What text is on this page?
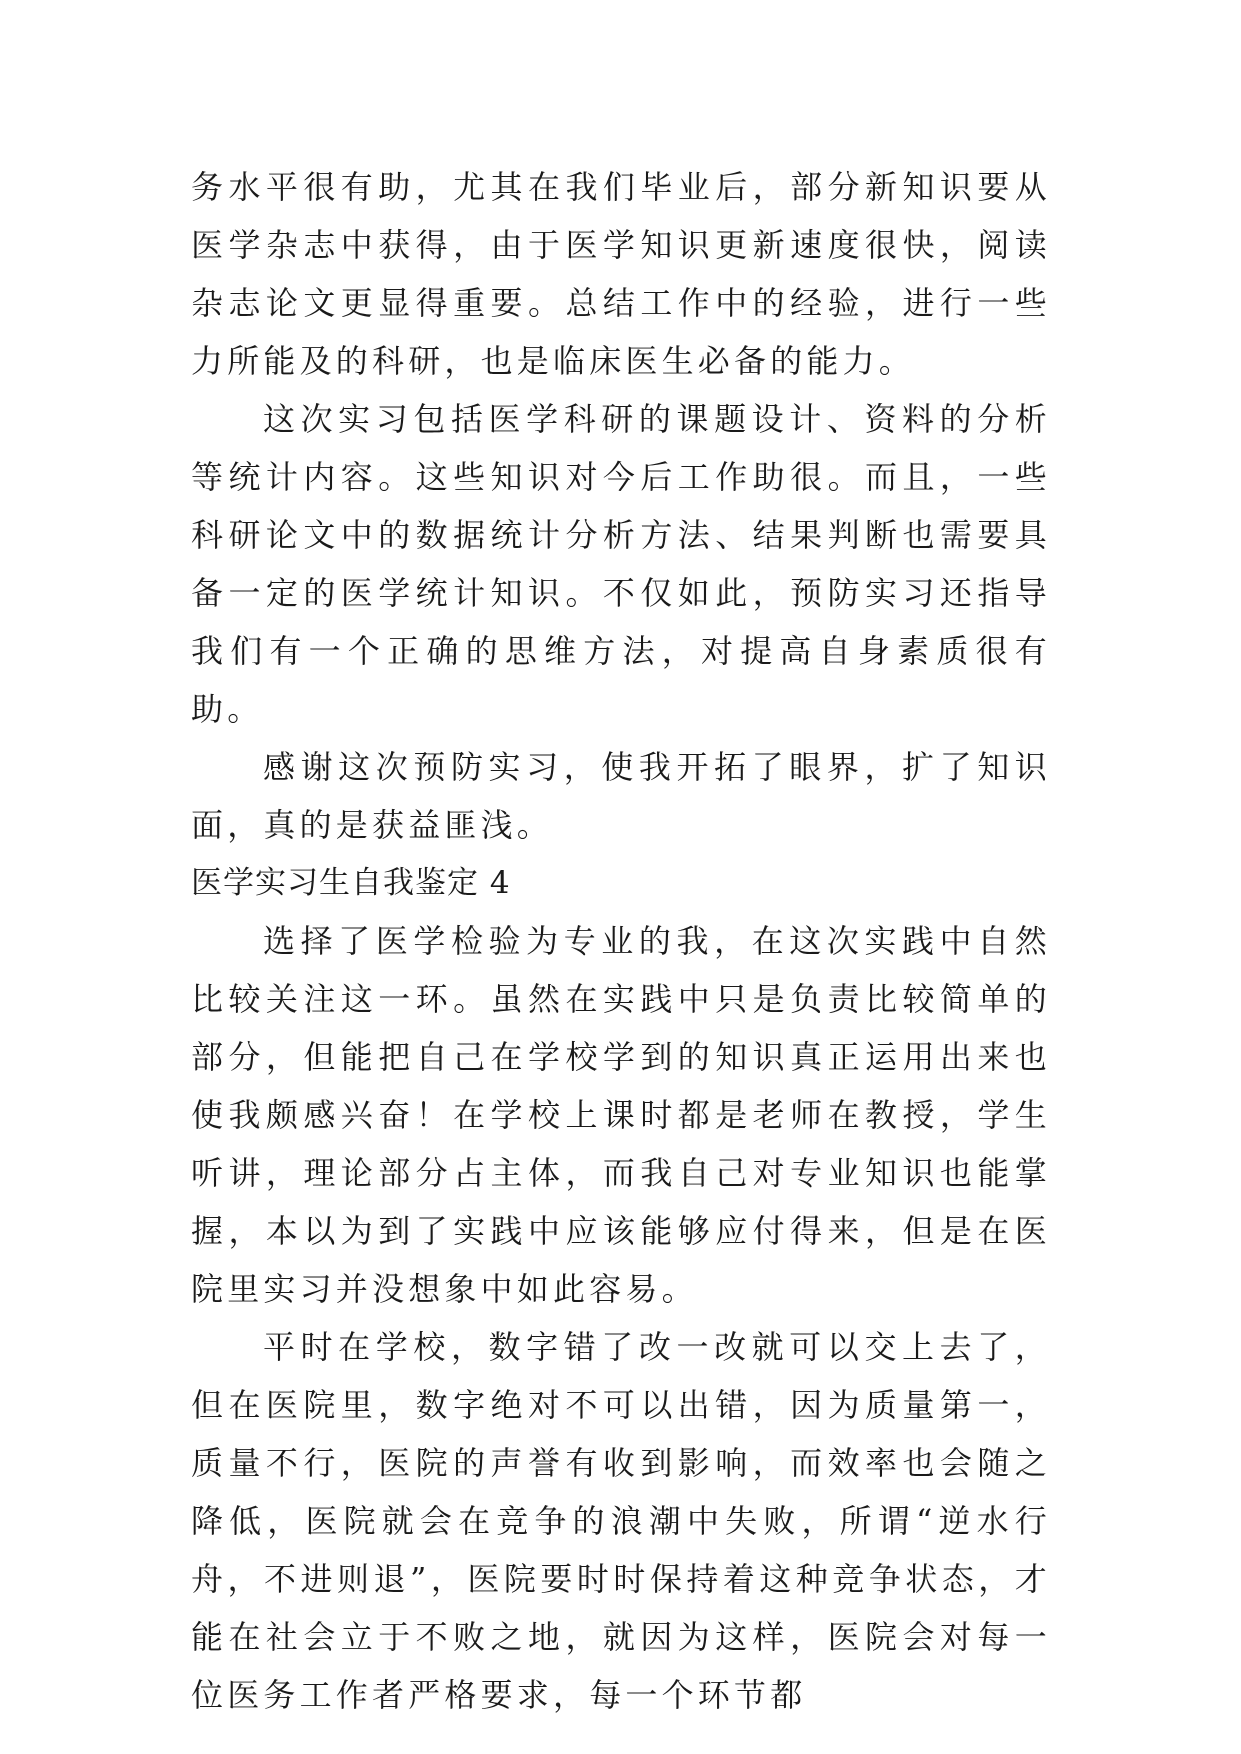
务水平很有助，尤其在我们毕业后，部分新知识要从医学杂志中获得，由于医学知识更新速度很快，阅读杂志论文更显得重要。总结工作中的经验，进行一些力所能及的科研，也是临床医生必备的能力。

这次实习包括医学科研的课题设计、资料的分析等统计内容。这些知识对今后工作助很。而且，一些科研论文中的数据统计分析方法、结果判断也需要具备一定的医学统计知识。不仅如此，预防实习还指导我们有一个正确的思维方法，对提高自身素质很有助。

感谢这次预防实习，使我开拓了眼界，扩了知识面，真的是获益匪浅。

医学实习生自我鉴定 4

选择了医学检验为专业的我，在这次实践中自然比较关注这一环。虽然在实践中只是负责比较简单的部分，但能把自己在学校学到的知识真正运用出来也使我颇感兴奋！在学校上课时都是老师在教授，学生听讲，理论部分占主体，而我自己对专业知识也能掌握，本以为到了实践中应该能够应付得来，但是在医院里实习并没想象中如此容易。

平时在学校，数字错了改一改就可以交上去了，但在医院里，数字绝对不可以出错，因为质量第一，质量不行，医院的声誉有收到影响，而效率也会随之降低，医院就会在竞争的浪潮中失败，所谓“逆水行舟，不进则退”，医院要时时保持着这种竞争状态，才能在社会立于不败之地，就因为这样，医院会对每一位医务工作者严格要求，每一个环节都
